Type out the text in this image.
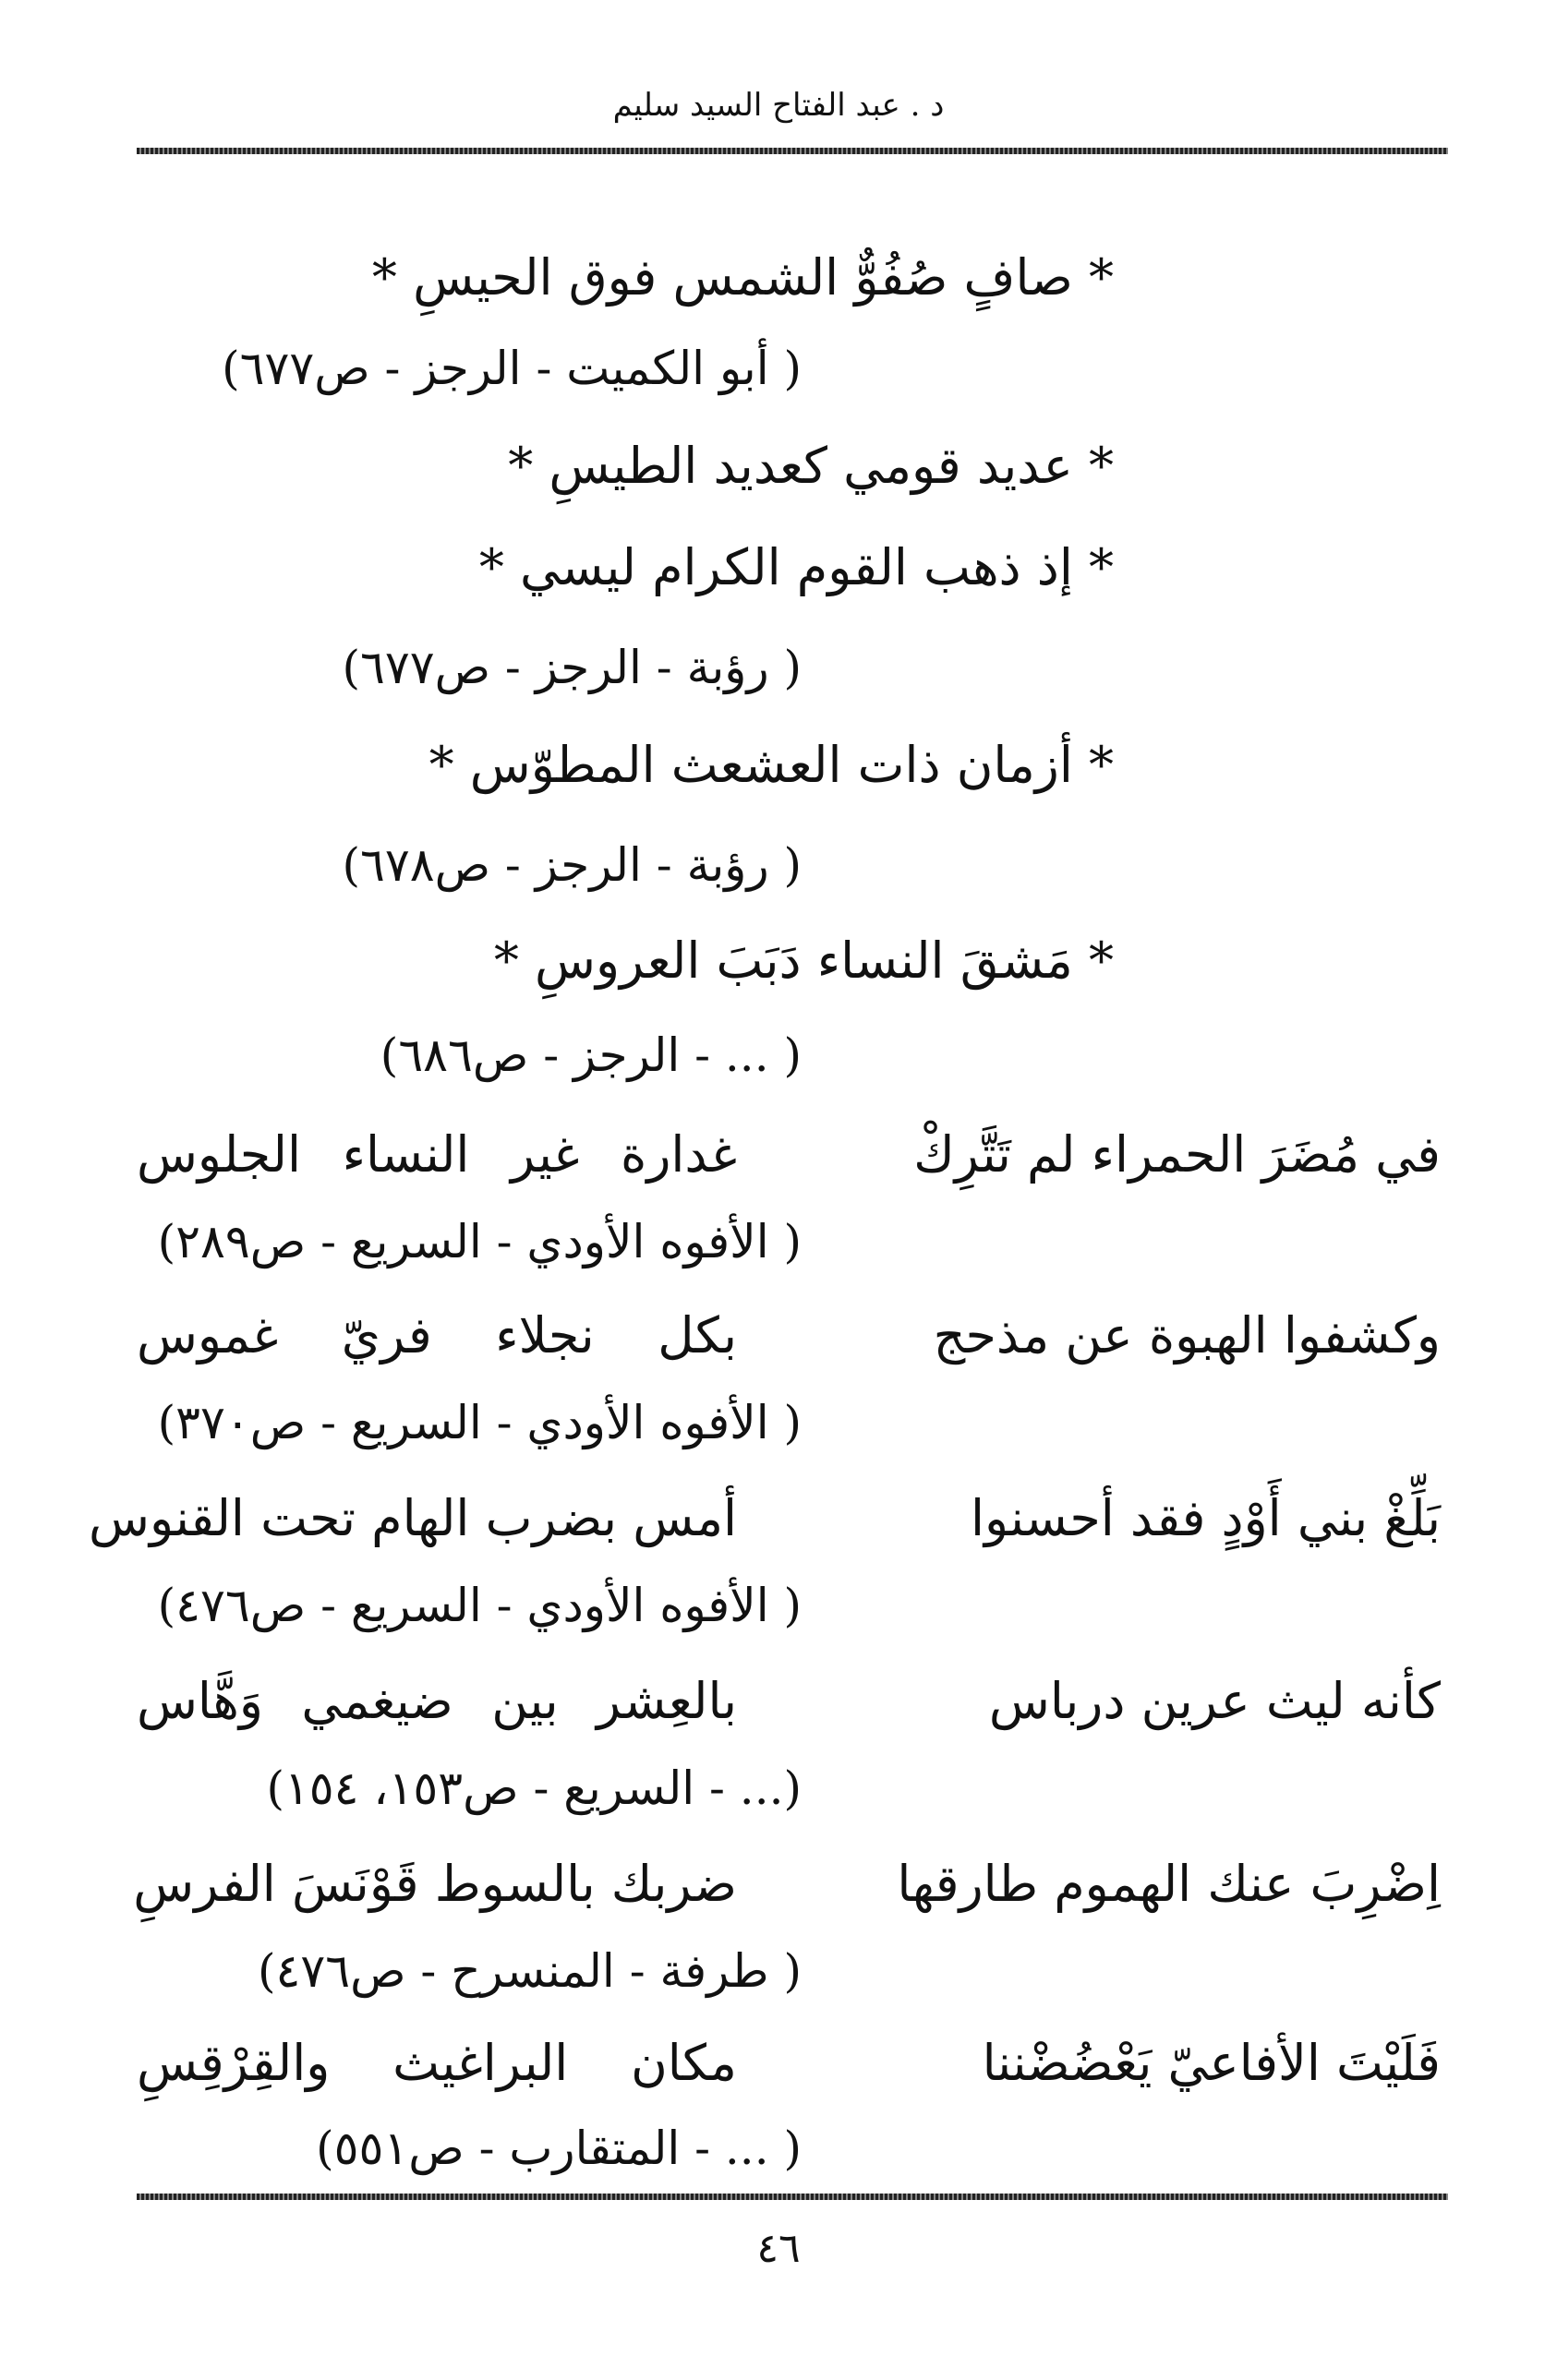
د . عبد الفتاح السيد سليم
* صافٍ صُفُوٌّ الشمس فوق الحيسِ *
( أبو الكميت - الرجز - ص٦٧٧)
* عديد قومي كعديد الطيسِ *
* إذ ذهب القوم الكرام ليسي *
( رؤبة - الرجز - ص٦٧٧)
* أزمان ذات العشعث المطوّس *
( رؤبة - الرجز - ص٦٧٨)
* مَشقَ النساء دَبَبَ العروسِ *
( ... - الرجز - ص٦٨٦)
في مُضَرَ الحمراء لم تَتَّرِكْ
غدارة غير النساء الجلوس
( الأفوه الأودي - السريع - ص٢٨٩)
وكشفوا الهبوة عن مذحج
بكل نجلاء فريّ غموس
( الأفوه الأودي - السريع - ص٣٧٠)
بَلِّغْ بني أَوْدٍ فقد أحسنوا
أمس بضرب الهام تحت القنوس
( الأفوه الأودي - السريع - ص٤٧٦)
كأنه ليث عرين درباس
بالعِشر بين ضيغمي وَهَّاس
(... - السريع - ص١٥٣، ١٥٤)
اِضْرِبَ عنك الهموم طارقها
ضربك بالسوط قَوْنَسَ الفرسِ
( طرفة - المنسرح - ص٤٧٦)
فَلَيْتَ الأفاعيّ يَعْضُضْننا
مكان البراغيث والقِرْقِسِ
( ... - المتقارب - ص٥٥١)
٤٦
